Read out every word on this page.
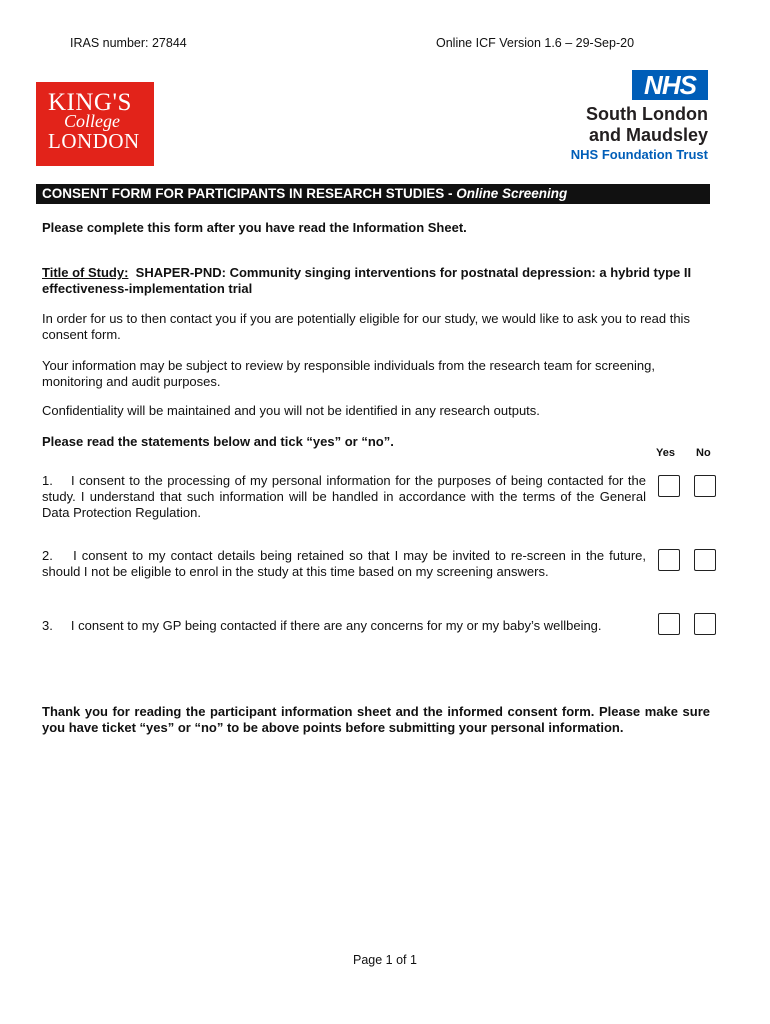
IRAS number: 27844	Online ICF Version 1.6 – 29-Sep-20
KING'S
College
LONDON
NHS
South London
and Maudsley
NHS Foundation Trust
CONSENT FORM FOR PARTICIPANTS IN RESEARCH STUDIES - Online Screening
Please complete this form after you have read the Information Sheet.
Title of Study: SHAPER-PND: Community singing interventions for postnatal depression: a hybrid type II effectiveness-implementation trial
In order for us to then contact you if you are potentially eligible for our study, we would like to ask you to read this consent form.
Your information may be subject to review by responsible individuals from the research team for screening, monitoring and audit purposes.
Confidentiality will be maintained and you will not be identified in any research outputs.
Please read the statements below and tick “yes” or “no”.
Yes No
1. I consent to the processing of my personal information for the purposes of being contacted for the study. I understand that such information will be handled in accordance with the terms of the General Data Protection Regulation.
2. I consent to my contact details being retained so that I may be invited to re-screen in the future, should I not be eligible to enrol in the study at this time based on my screening answers.
3. I consent to my GP being contacted if there are any concerns for my or my baby’s wellbeing.
Thank you for reading the participant information sheet and the informed consent form. Please make sure you have ticket “yes” or “no” to be above points before submitting your personal information.
Page 1 of 1
